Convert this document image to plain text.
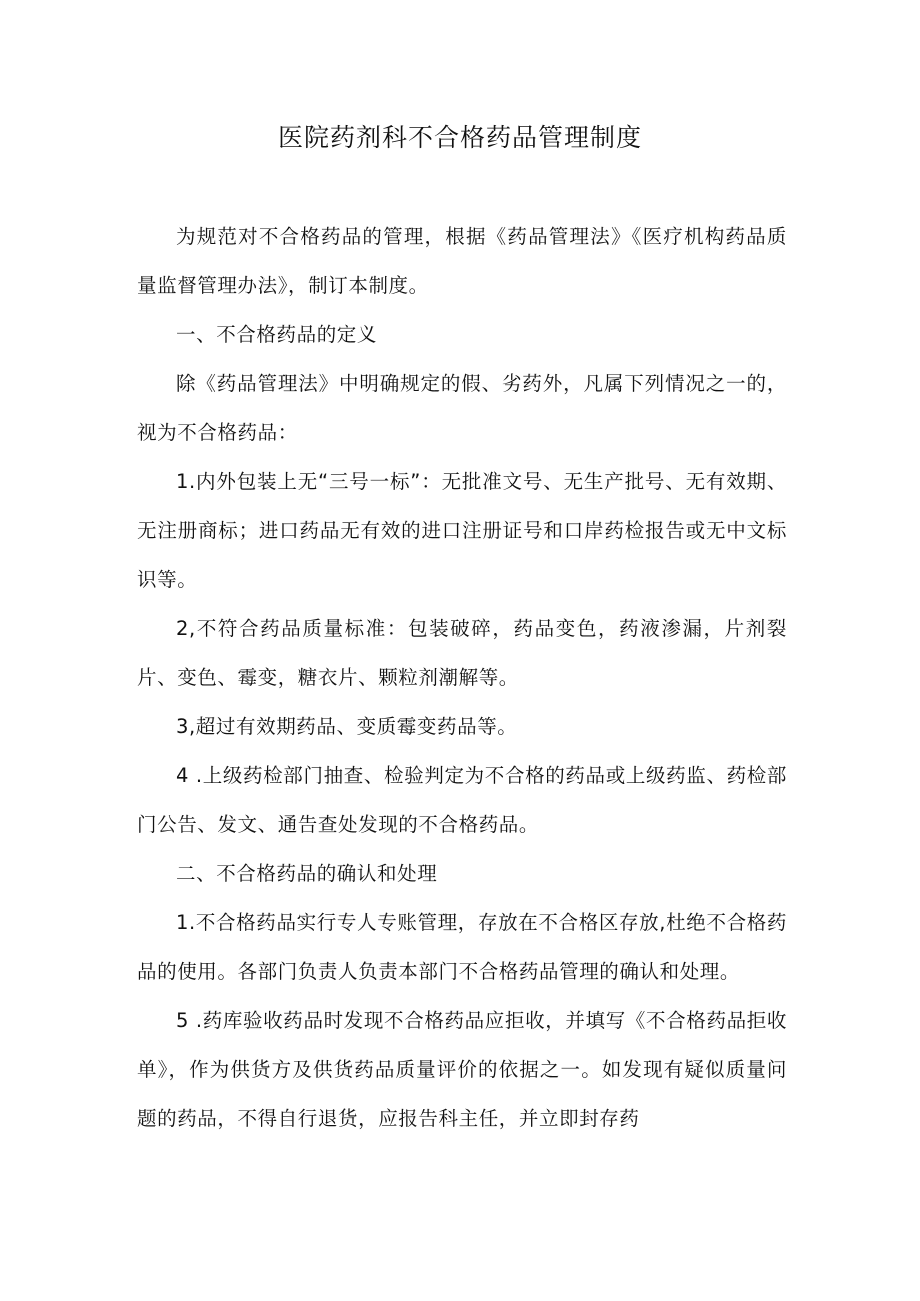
医院药剂科不合格药品管理制度

为规范对不合格药品的管理，根据《药品管理法》《医疗机构药品质量监督管理办法》，制订本制度。

一、不合格药品的定义

除《药品管理法》中明确规定的假、劣药外，凡属下列情况之一的，视为不合格药品：

1.内外包装上无“三号一标”：无批准文号、无生产批号、无有效期、无注册商标；进口药品无有效的进口注册证号和口岸药检报告或无中文标识等。

2,不符合药品质量标准：包装破碎，药品变色，药液渗漏，片剂裂片、变色、霉变，糖衣片、颗粒剂潮解等。

3,超过有效期药品、变质霉变药品等。

4 .上级药检部门抽查、检验判定为不合格的药品或上级药监、药检部门公告、发文、通告查处发现的不合格药品。

二、不合格药品的确认和处理

1.不合格药品实行专人专账管理，存放在不合格区存放,杜绝不合格药品的使用。各部门负责人负责本部门不合格药品管理的确认和处理。

5 .药库验收药品时发现不合格药品应拒收，并填写《不合格药品拒收单》，作为供货方及供货药品质量评价的依据之一。如发现有疑似质量问题的药品，不得自行退货，应报告科主任，并立即封存药
